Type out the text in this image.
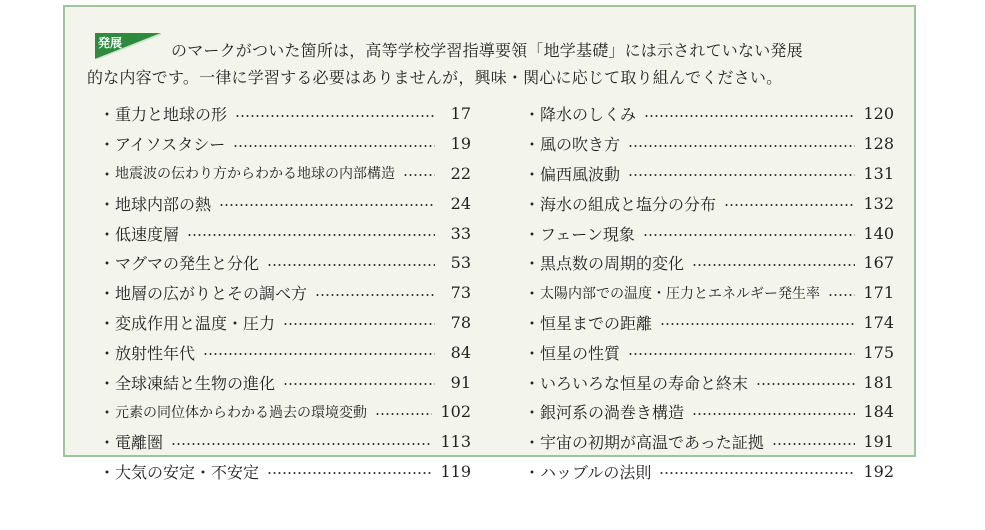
発展	のマークがついた箇所は，高等学校学習指導要領「地学基礎」には示されていない発展
的な内容です。一律に学習する必要はありませんが，興味・関心に応じて取り組んでください。
・ 重力と地球の形	17
・ アイソスタシー	19
・ 地震波の伝わり方からわかる地球の内部構造	22
・ 地球内部の熱	24
・ 低速度層	33
・ マグマの発生と分化	53
・ 地層の広がりとその調べ方	73
・ 変成作用と温度・圧力	78
・ 放射性年代	84
・ 全球凍結と生物の進化	91
・ 元素の同位体からわかる過去の環境変動	102
・ 電離圏	113
・ 大気の安定・不安定	119
・ 降水のしくみ	120
・ 風の吹き方	128
・ 偏西風波動	131
・ 海水の組成と塩分の分布	132
・ フェーン現象	140
・ 黒点数の周期的変化	167
・ 太陽内部での温度・圧力とエネルギー発生率	171
・ 恒星までの距離	174
・ 恒星の性質	175
・ いろいろな恒星の寿命と終末	181
・ 銀河系の渦巻き構造	184
・ 宇宙の初期が高温であった証拠	191
・ ハッブルの法則	192
